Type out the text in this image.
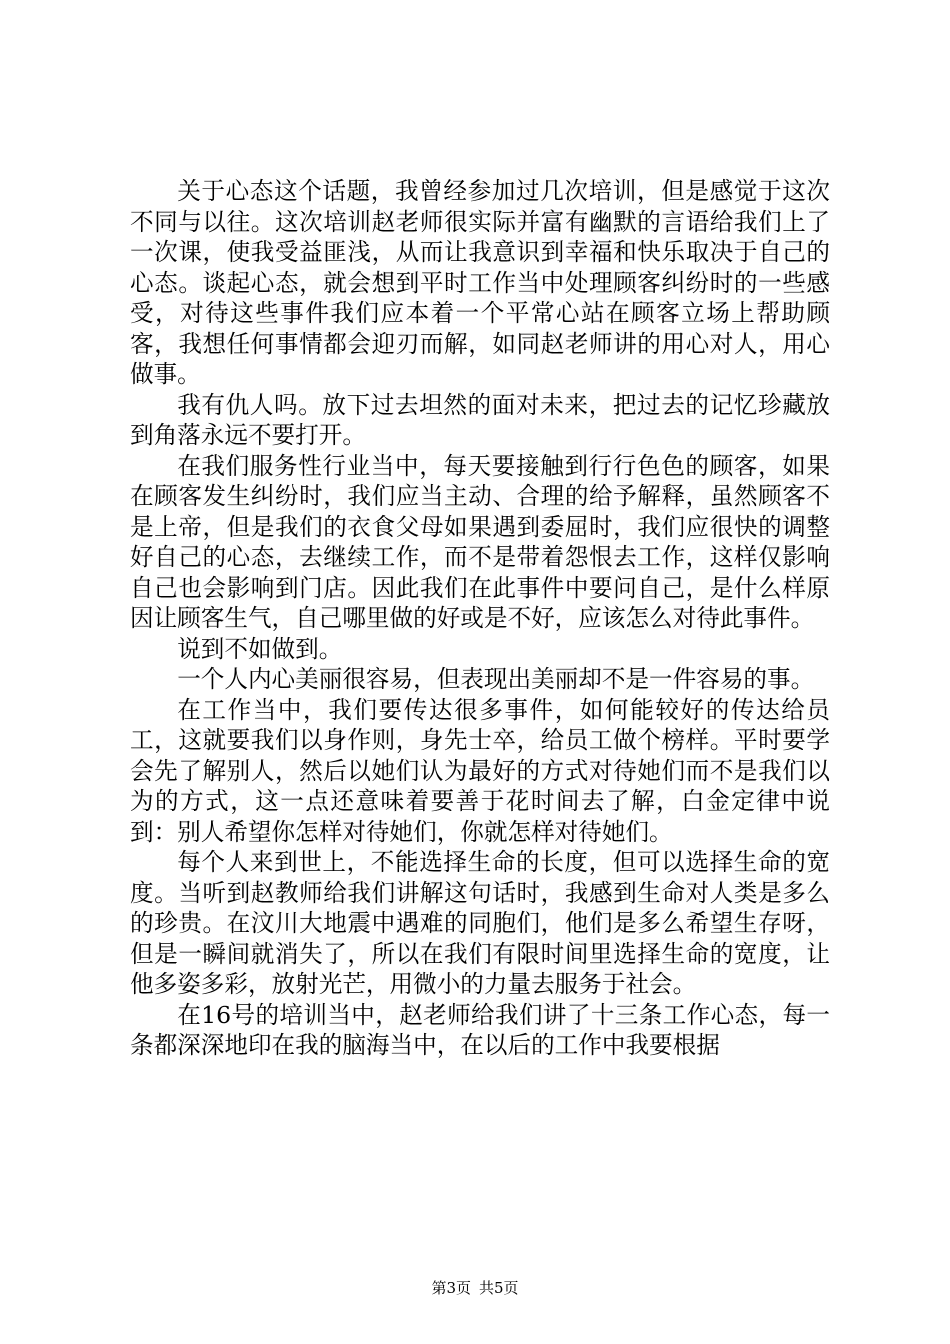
关于心态这个话题，我曾经参加过几次培训，但是感觉于这次不同与以往。这次培训赵老师很实际并富有幽默的言语给我们上了一次课，使我受益匪浅，从而让我意识到幸福和快乐取决于自己的心态。谈起心态，就会想到平时工作当中处理顾客纠纷时的一些感受，对待这些事件我们应本着一个平常心站在顾客立场上帮助顾客，我想任何事情都会迎刃而解，如同赵老师讲的用心对人，用心做事。

我有仇人吗。放下过去坦然的面对未来，把过去的记忆珍藏放到角落永远不要打开。

在我们服务性行业当中，每天要接触到行行色色的顾客，如果在顾客发生纠纷时，我们应当主动、合理的给予解释，虽然顾客不是上帝，但是我们的衣食父母如果遇到委屈时，我们应很快的调整好自己的心态，去继续工作，而不是带着怨恨去工作，这样仅影响自己也会影响到门店。因此我们在此事件中要问自己，是什么样原因让顾客生气，自己哪里做的好或是不好，应该怎么对待此事件。

说到不如做到。

一个人内心美丽很容易，但表现出美丽却不是一件容易的事。

在工作当中，我们要传达很多事件，如何能较好的传达给员工，这就要我们以身作则，身先士卒，给员工做个榜样。平时要学会先了解别人，然后以她们认为最好的方式对待她们而不是我们以为的方式，这一点还意味着要善于花时间去了解，白金定律中说到：别人希望你怎样对待她们，你就怎样对待她们。

每个人来到世上，不能选择生命的长度，但可以选择生命的宽度。当听到赵教师给我们讲解这句话时，我感到生命对人类是多么的珍贵。在汶川大地震中遇难的同胞们，他们是多么希望生存呀，但是一瞬间就消失了，所以在我们有限时间里选择生命的宽度，让他多姿多彩，放射光芒，用微小的力量去服务于社会。

在16号的培训当中，赵老师给我们讲了十三条工作心态，每一条都深深地印在我的脑海当中，在以后的工作中我要根据

第3页 共5页
